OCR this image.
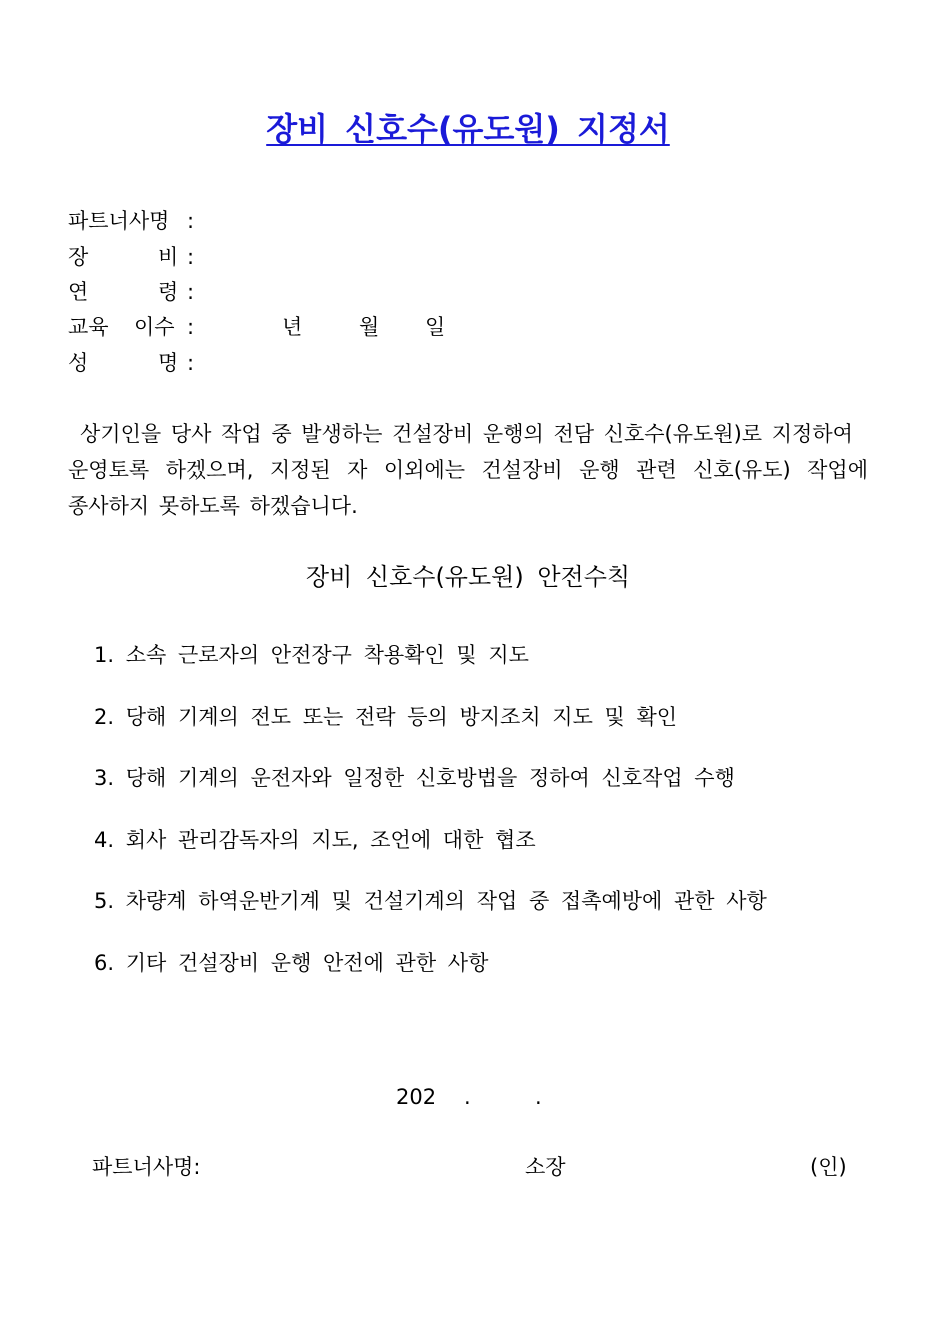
장비 신호수(유도원) 지정서
파트너사명 :
장	비 :
연	령 :
교육 이수 :	년	월 일
성	명 :
상기인을 당사 작업 중 발생하는 건설장비 운행의 전담 신호수(유도원)로 지정하여
운영토록 하겠으며, 지정된 자 이외에는 건설장비 운행 관련 신호(유도) 작업에
종사하지 못하도록 하겠습니다.
장비 신호수(유도원) 안전수칙
1. 소속 근로자의 안전장구 착용확인 및 지도
2. 당해 기계의 전도 또는 전락 등의 방지조치 지도 및 확인
3. 당해 기계의 운전자와 일정한 신호방법을 정하여 신호작업 수행
4. 회사 관리감독자의 지도, 조언에 대한 협조
5. 차량계 하역운반기계 및 건설기계의 작업 중 접촉예방에 관한 사항
6. 기타 건설장비 운행 안전에 관한 사항
202 .	.
파트너사명:	소장	(인)
